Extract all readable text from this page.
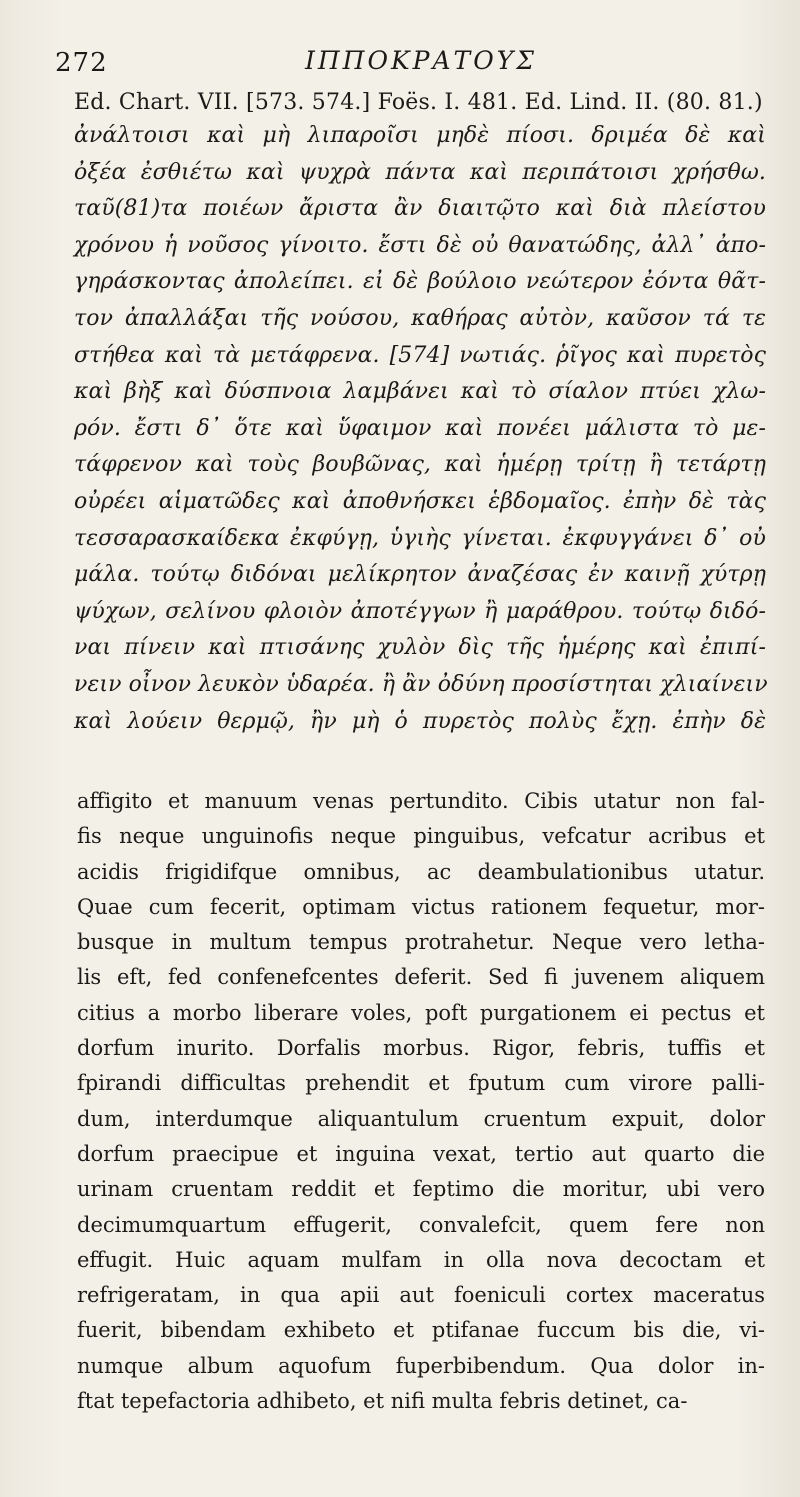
272	ΙΠΠΟΚΡΑΤΟΥΣ
Ed. Chart. VII. [573. 574.] Foës. I. 481. Ed. Lind. II. (80. 81.)
ἀνάλτοισι καὶ μὴ λιπαροῖσι μηδὲ πίοσι. δριμέα δὲ καὶ
ὀξέα ἐσθιέτω καὶ ψυχρὰ πάντα καὶ περιπάτοισι χρήσθω.
ταῦ(81)τα ποιέων ἄριστα ἂν διαιτῷτο καὶ διὰ πλείστου
χρόνου ἡ νοῦσος γίνοιτο. ἔστι δὲ οὐ θανατώδης, ἀλλ᾽ ἀπο-
γηράσκοντας ἀπολείπει. εἰ δὲ βούλοιο νεώτερον ἐόντα θᾶτ-
τον ἀπαλλάξαι τῆς νούσου, καθήρας αὐτὸν, καῦσον τά τε
στήθεα καὶ τὰ μετάφρενα. [574] νωτιάς. ῥῖγος καὶ πυρετὸς
καὶ βὴξ καὶ δύσπνοια λαμβάνει καὶ τὸ σίαλον πτύει χλω-
ρόν. ἔστι δ᾽ ὅτε καὶ ὕφαιμον καὶ πονέει μάλιστα τὸ με-
τάφρενον καὶ τοὺς βουβῶνας, καὶ ἡμέρῃ τρίτῃ ἢ τετάρτῃ
οὐρέει αἱματῶδες καὶ ἀποθνήσκει ἑβδομαῖος. ἐπὴν δὲ τὰς
τεσσαρασκαίδεκα ἐκφύγῃ, ὑγιὴς γίνεται. ἐκφυγγάνει δ᾽ οὐ
μάλα. τούτῳ διδόναι μελίκρητον ἀναζέσας ἐν καινῇ χύτρῃ
ψύχων, σελίνου φλοιὸν ἀποτέγγων ἢ μαράθρου. τούτῳ διδό-
ναι πίνειν καὶ πτισάνης χυλὸν δὶς τῆς ἡμέρης καὶ ἐπιπί-
νειν οἶνον λευκὸν ὑδαρέα. ἢ ἂν ὀδύνη προσίστηται χλιαίνειν
καὶ λούειν θερμῷ, ἢν μὴ ὁ πυρετὸς πολὺς ἔχῃ. ἐπὴν δὲ
affigito et manuum venas pertundito. Cibis utatur non fal-
fis neque unguinofis neque pinguibus, vefcatur acribus et
acidis frigidifque omnibus, ac deambulationibus utatur.
Quae cum fecerit, optimam victus rationem fequetur, mor-
busque in multum tempus protrahetur. Neque vero letha-
lis eft, fed confenefcentes deferit. Sed fi juvenem aliquem
citius a morbo liberare voles, poft purgationem ei pectus et
dorfum inurito. Dorfalis morbus. Rigor, febris, tuffis et
fpirandi difficultas prehendit et fputum cum virore palli-
dum, interdumque aliquantulum cruentum expuit, dolor
dorfum praecipue et inguina vexat, tertio aut quarto die
urinam cruentam reddit et feptimo die moritur, ubi vero
decimumquartum effugerit, convalefcit, quem fere non
effugit. Huic aquam mulfam in olla nova decoctam et
refrigeratam, in qua apii aut foeniculi cortex maceratus
fuerit, bibendam exhibeto et ptifanae fuccum bis die, vi-
numque album aquofum fuperbibendum. Qua dolor in-
ftat tepefactoria adhibeto, et nifi multa febris detinet, ca-
